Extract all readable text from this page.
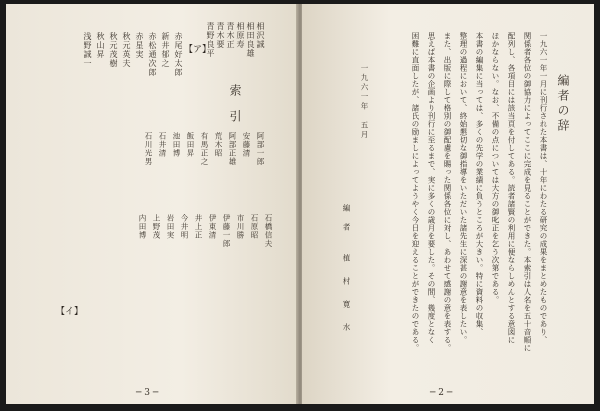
赤尾好太郎
新井郁之
赤松通次郎
赤星実
秋元英夫
秋元茂樹
秋山昇
浅野誠一	相沢誠
相田良雄
相原寿
青木正
青木要
青野良平
索　引
【ア】
【イ】
阿部一郎
安藤清
阿部正雄
荒木昭
有馬正之
飯田昇
池田博
石井清
石川光男
石橋信夫
石原昭
市川勝
伊藤一郎
伊東清
井上正
今井明
岩田実
上野茂
内田博
─ 3 ─
編者の辞
一九六一年一月に刊行された本書は、十年にわたる研究の成果をまとめたものであり、
関係者各位の御協力によってここに完成を見ることができた。本索引は人名を五十音順に
配列し、各項目には該当頁を付してある。読者諸賢の利用に便ならしめんとする意図に
ほかならない。なお、不備の点については大方の御叱正を乞う次第である。
本書の編集に当っては、多くの先学の業績に負うところが大きい。特に資料の収集、
整理の過程において、終始懇切な御指導をいただいた諸先生に深甚の謝意を表したい。
また、出版に際して格別の御配慮を賜った関係各位に対し、あわせて感謝の意を表する。
思えば本書の企画より刊行に至るまで、実に多くの歳月を要した。その間、幾度となく
困難に直面したが、諸氏の励ましによってようやく今日を迎えることができたのである。
一九六一年　五月
編　者
植　村　寛　水
─ 2 ─
